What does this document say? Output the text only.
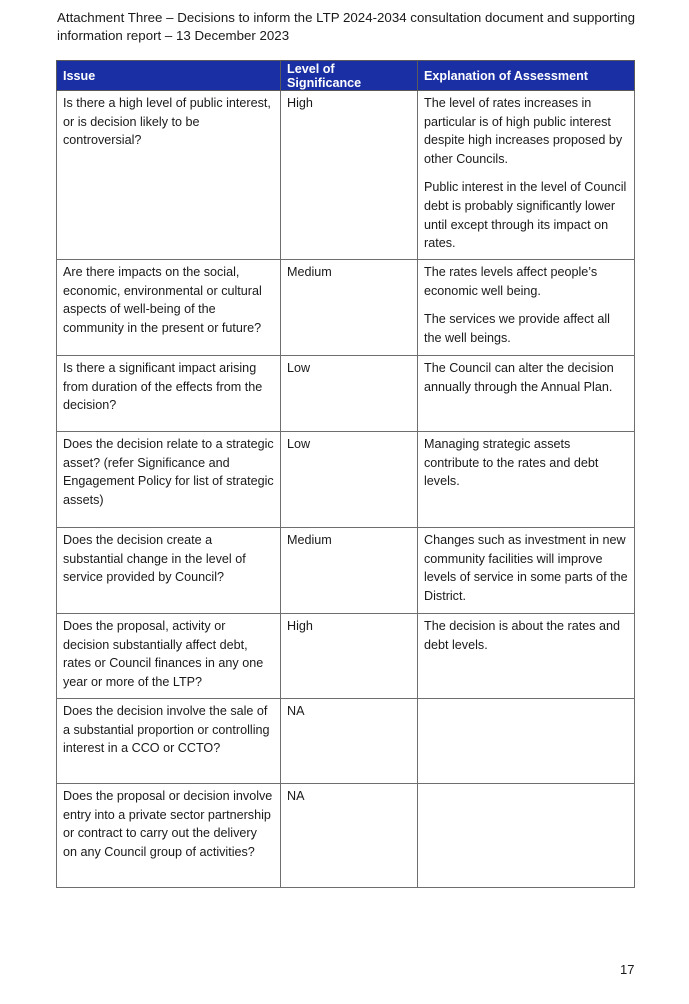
Attachment Three – Decisions to inform the LTP 2024-2034 consultation document and supporting information report – 13 December 2023

Issue	Level of Significance	Explanation of Assessment
Is there a high level of public interest, or is decision likely to be controversial?	High	The level of rates increases in particular is of high public interest despite high increases proposed by other Councils.

Public interest in the level of Council debt is probably significantly lower until except through its impact on rates.

Are there impacts on the social, economic, environmental or cultural aspects of well-being of the community in the present or future?	Medium	The rates levels affect people’s economic well being.

The services we provide affect all the well beings.

Is there a significant impact arising from duration of the effects from the decision?	Low	The Council can alter the decision annually through the Annual Plan.

Does the decision relate to a strategic asset? (refer Significance and Engagement Policy for list of strategic assets)	Low	Managing strategic assets contribute to the rates and debt levels.

Does the decision create a substantial change in the level of service provided by Council?	Medium	Changes such as investment in new community facilities will improve levels of service in some parts of the District.

Does the proposal, activity or decision substantially affect debt, rates or Council finances in any one year or more of the LTP?	High	The decision is about the rates and debt levels.

Does the decision involve the sale of a substantial proportion or controlling interest in a CCO or CCTO?	NA	
Does the proposal or decision involve entry into a private sector partnership or contract to carry out the delivery on any Council group of activities?	NA	
17
